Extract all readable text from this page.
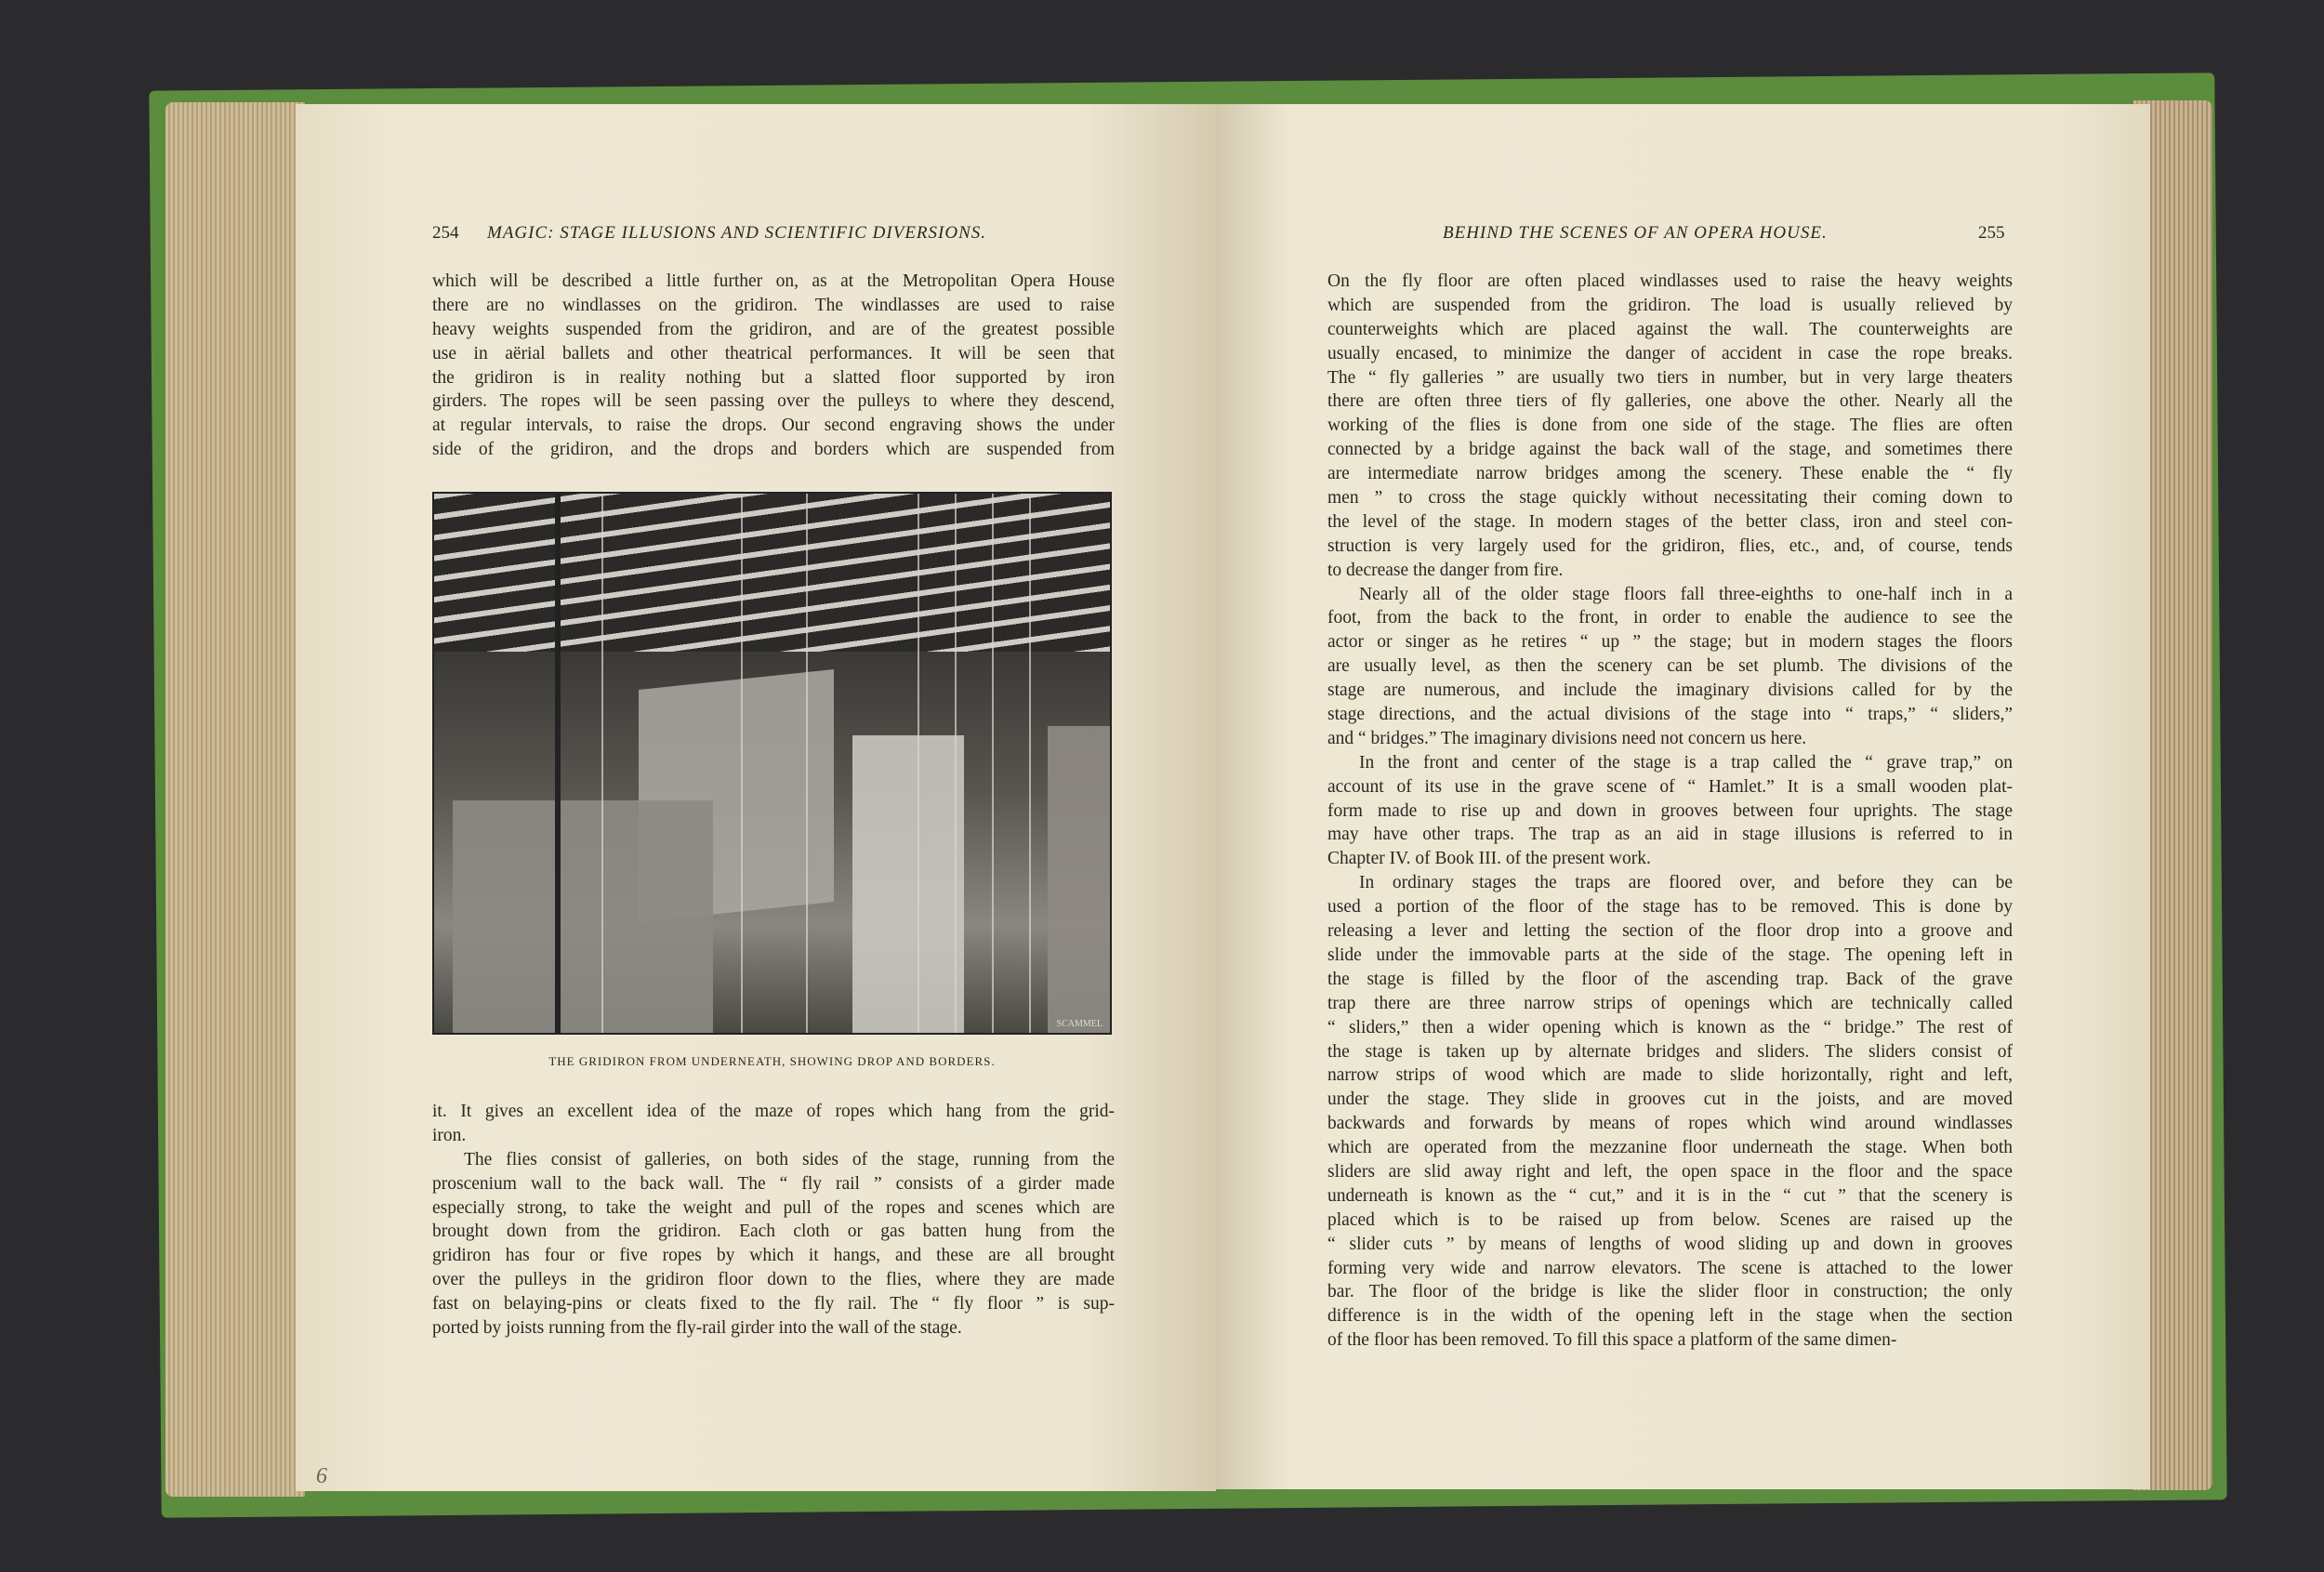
254 MAGIC: STAGE ILLUSIONS AND SCIENTIFIC DIVERSIONS.	BEHIND THE SCENES OF AN OPERA HOUSE.	255
which will be described a little further on, as at the Metropolitan Opera House
there are no windlasses on the gridiron. The windlasses are used to raise
heavy weights suspended from the gridiron, and are of the greatest possible
use in aërial ballets and other theatrical performances. It will be seen that
the gridiron is in reality nothing but a slatted floor supported by iron
girders. The ropes will be seen passing over the pulleys to where they descend,
at regular intervals, to raise the drops. Our second engraving shows the under
side of the gridiron, and the drops and borders which are suspended from
SCAMMEL
THE GRIDIRON FROM UNDERNEATH, SHOWING DROP AND BORDERS.
it. It gives an excellent idea of the maze of ropes which hang from the grid-
iron.
The flies consist of galleries, on both sides of the stage, running from the
proscenium wall to the back wall. The “ fly rail ” consists of a girder made
especially strong, to take the weight and pull of the ropes and scenes which are
brought down from the gridiron. Each cloth or gas batten hung from the
gridiron has four or five ropes by which it hangs, and these are all brought
over the pulleys in the gridiron floor down to the flies, where they are made
fast on belaying-pins or cleats fixed to the fly rail. The “ fly floor ” is sup-
ported by joists running from the fly-rail girder into the wall of the stage.
6
On the fly floor are often placed windlasses used to raise the heavy weights
which are suspended from the gridiron. The load is usually relieved by
counterweights which are placed against the wall. The counterweights are
usually encased, to minimize the danger of accident in case the rope breaks.
The “ fly galleries ” are usually two tiers in number, but in very large theaters
there are often three tiers of fly galleries, one above the other. Nearly all the
working of the flies is done from one side of the stage. The flies are often
connected by a bridge against the back wall of the stage, and sometimes there
are intermediate narrow bridges among the scenery. These enable the “ fly
men ” to cross the stage quickly without necessitating their coming down to
the level of the stage. In modern stages of the better class, iron and steel con-
struction is very largely used for the gridiron, flies, etc., and, of course, tends
to decrease the danger from fire.
Nearly all of the older stage floors fall three-eighths to one-half inch in a
foot, from the back to the front, in order to enable the audience to see the
actor or singer as he retires “ up ” the stage; but in modern stages the floors
are usually level, as then the scenery can be set plumb. The divisions of the
stage are numerous, and include the imaginary divisions called for by the
stage directions, and the actual divisions of the stage into “ traps,” “ sliders,”
and “ bridges.” The imaginary divisions need not concern us here.
In the front and center of the stage is a trap called the “ grave trap,” on
account of its use in the grave scene of “ Hamlet.” It is a small wooden plat-
form made to rise up and down in grooves between four uprights. The stage
may have other traps. The trap as an aid in stage illusions is referred to in
Chapter IV. of Book III. of the present work.
In ordinary stages the traps are floored over, and before they can be
used a portion of the floor of the stage has to be removed. This is done by
releasing a lever and letting the section of the floor drop into a groove and
slide under the immovable parts at the side of the stage. The opening left in
the stage is filled by the floor of the ascending trap. Back of the grave
trap there are three narrow strips of openings which are technically called
“ sliders,” then a wider opening which is known as the “ bridge.” The rest of
the stage is taken up by alternate bridges and sliders. The sliders consist of
narrow strips of wood which are made to slide horizontally, right and left,
under the stage. They slide in grooves cut in the joists, and are moved
backwards and forwards by means of ropes which wind around windlasses
which are operated from the mezzanine floor underneath the stage. When both
sliders are slid away right and left, the open space in the floor and the space
underneath is known as the “ cut,” and it is in the “ cut ” that the scenery is
placed which is to be raised up from below. Scenes are raised up the
“ slider cuts ” by means of lengths of wood sliding up and down in grooves
forming very wide and narrow elevators. The scene is attached to the lower
bar. The floor of the bridge is like the slider floor in construction; the only
difference is in the width of the opening left in the stage when the section
of the floor has been removed. To fill this space a platform of the same dimen-
